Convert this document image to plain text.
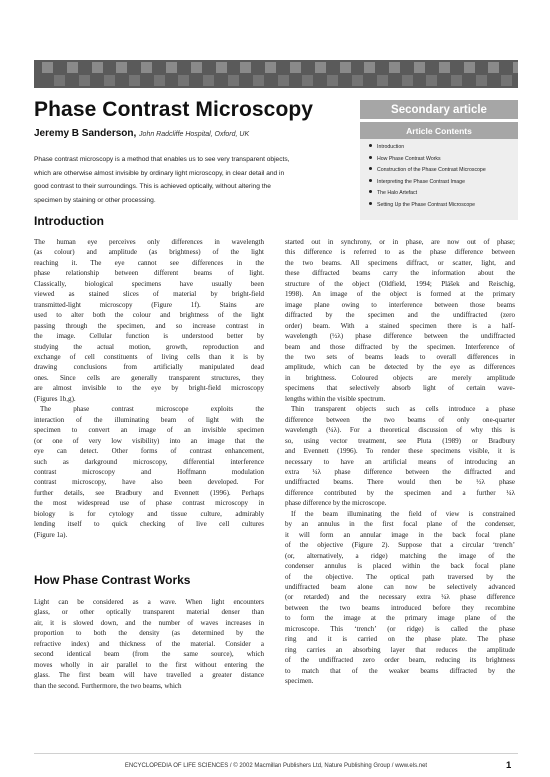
Phase Contrast Microscopy	Secondary article
Jeremy B Sanderson, John Radcliffe Hospital, Oxford, UK	Article Contents
Introduction
How Phase Contrast Works
Construction of the Phase Contrast Microscope
Interpreting the Phase Contrast Image
The Halo Artefact
Setting Up the Phase Contrast Microscope
Phase contrast microscopy is a method that enables us to see very transparent objects,
which are otherwise almost invisible by ordinary light microscopy, in clear detail and in
good contrast to their surroundings. This is achieved optically, without altering the
specimen by staining or other processing.
Introduction
The human eye perceives only differences in wavelength
(as colour) and amplitude (as brightness) of the light
reaching it. The eye cannot see differences in the
phase relationship between different beams of light.
Classically, biological specimens have usually been
viewed as stained slices of material by bright-field
transmitted-light microscopy (Figure 1f). Stains are
used to alter both the colour and brightness of the light
passing through the specimen, and so increase contrast in
the image. Cellular function is understood better by
studying the actual motion, growth, reproduction and
exchange of cell constituents of living cells than it is by
drawing conclusions from artificially manipulated dead
ones. Since cells are generally transparent structures, they
are almost invisible to the eye by bright-field microscopy
(Figures 1b,g).
The phase contrast microscope exploits the
interaction of the illuminating beam of light with the
specimen to convert an image of an invisible specimen
(or one of very low visibility) into an image that the
eye can detect. Other forms of contrast enhancement,
such as darkground microscopy, differential interference
contrast microscopy and Hoffmann modulation
contrast microscopy, have also been developed. For
further details, see Bradbury and Evennett (1996). Perhaps
the most widespread use of phase contrast microscopy in
biology is for cytology and tissue culture, admirably
lending itself to quick checking of live cell cultures
(Figure 1a).
How Phase Contrast Works
Light can be considered as a wave. When light encounters
glass, or other optically transparent material denser than
air, it is slowed down, and the number of waves increases in
proportion to both the density (as determined by the
refractive index) and thickness of the material. Consider a
second identical beam (from the same source), which
moves wholly in air parallel to the first without entering the
glass. The first beam will have travelled a greater distance
than the second. Furthermore, the two beams, which
started out in synchrony, or in phase, are now out of phase;
this difference is referred to as the phase difference between
the two beams. All specimens diffract, or scatter, light, and
these diffracted beams carry the information about the
structure of the object (Oldfield, 1994; Plášek and Reischig,
1998). An image of the object is formed at the primary
image plane owing to interference between those beams
diffracted by the specimen and the undiffracted (zero
order) beam. With a stained specimen there is a half-
wavelength (½λ) phase difference between the undiffracted
beam and those diffracted by the specimen. Interference of
the two sets of beams leads to overall differences in
amplitude, which can be detected by the eye as differences
in brightness. Coloured objects are merely amplitude
specimens that selectively absorb light of certain wave-
lengths within the visible spectrum.
Thin transparent objects such as cells introduce a phase
difference between the two beams of only one-quarter
wavelength (¼λ). For a theoretical discussion of why this is
so, using vector treatment, see Pluta (1989) or Bradbury
and Evennett (1996). To render these specimens visible, it is
necessary to have an artificial means of introducing an
extra ¼λ phase difference between the diffracted and
undiffracted beams. There would then be ½λ phase
difference contributed by the specimen and a further ¼λ
phase difference by the microscope.
If the beam illuminating the field of view is constrained
by an annulus in the first focal plane of the condenser,
it will form an annular image in the back focal plane
of the objective (Figure 2). Suppose that a circular ‘trench’
(or, alternatively, a ridge) matching the image of the
condenser annulus is placed within the back focal plane
of the objective. The optical path traversed by the
undiffracted beam alone can now be selectively advanced
(or retarded) and the necessary extra ¼λ phase difference
between the two beams introduced before they recombine
to form the image at the primary image plane of the
microscope. This ‘trench’ (or ridge) is called the phase
ring and it is carried on the phase plate. The phase
ring carries an absorbing layer that reduces the amplitude
of the undiffracted zero order beam, reducing its brightness
to match that of the weaker beams diffracted by the
specimen.
ENCYCLOPEDIA OF LIFE SCIENCES / © 2002 Macmillan Publishers Ltd, Nature Publishing Group / www.els.net	1
